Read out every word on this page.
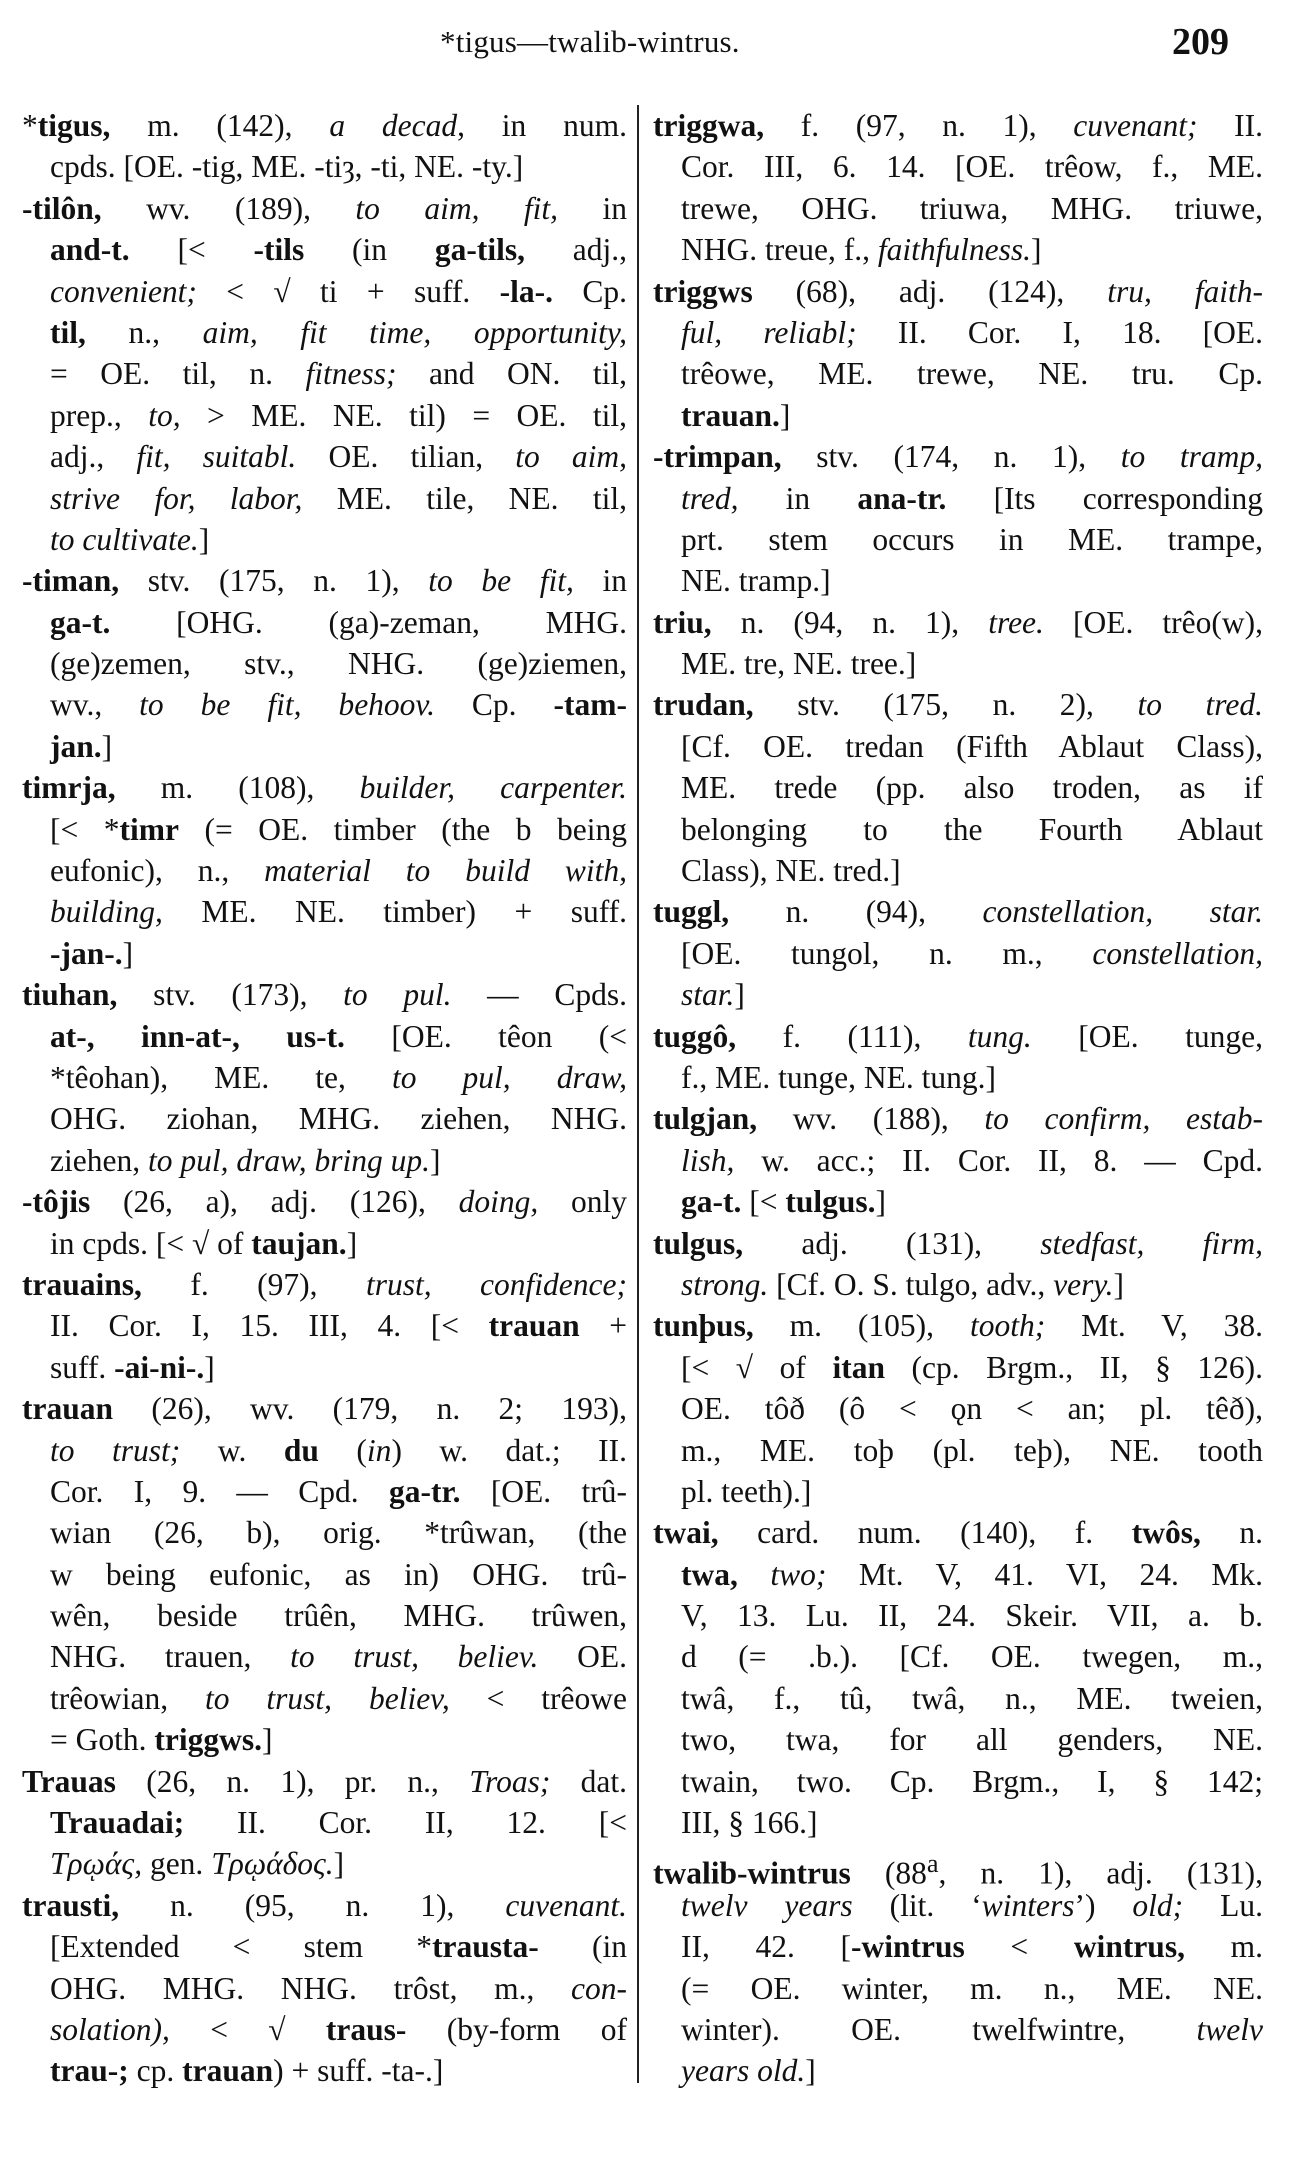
*tigus—twalib-wintrus.	209
*tigus, m. (142), a decad, in num.
cpds. [OE. -tig, ME. -tiȝ, -ti, NE. -ty.]
-tilôn, wv. (189), to aim, fit, in
and-t. [< -tils (in ga-tils, adj.,
convenient; < √ ti + suff. -la-. Cp.
til, n., aim, fit time, opportunity,
= OE. til, n. fitness; and ON. til,
prep., to, > ME. NE. til) = OE. til,
adj., fit, suitabl. OE. tilian, to aim,
strive for, labor, ME. tile, NE. til,
to cultivate.]
-timan, stv. (175, n. 1), to be fit, in
ga-t. [OHG. (ga)-zeman, MHG.
(ge)zemen, stv., NHG. (ge)ziemen,
wv., to be fit, behoov. Cp. -tam-
jan.]
timrja, m. (108), builder, carpenter.
[< *timr (= OE. timber (the b being
eufonic), n., material to build with,
building, ME. NE. timber) + suff.
-jan-.]
tiuhan, stv. (173), to pul. — Cpds.
at-, inn-at-, us-t. [OE. têon (<
*têohan), ME. te, to pul, draw,
OHG. ziohan, MHG. ziehen, NHG.
ziehen, to pul, draw, bring up.]
-tôjis (26, a), adj. (126), doing, only
in cpds. [< √ of taujan.]
trauains, f. (97), trust, confidence;
II. Cor. I, 15. III, 4. [< trauan +
suff. -ai-ni-.]
trauan (26), wv. (179, n. 2; 193),
to trust; w. du (in) w. dat.; II.
Cor. I, 9. — Cpd. ga-tr. [OE. trû-
wian (26, b), orig. *trûwan, (the
w being eufonic, as in) OHG. trû-
wên, beside trûên, MHG. trûwen,
NHG. trauen, to trust, believ. OE.
trêowian, to trust, believ, < trêowe
= Goth. triggws.]
Trauas (26, n. 1), pr. n., Troas; dat.
Trauadai; II. Cor. II, 12. [<
Τρῳάς, gen. Τρῳάδος.]
trausti, n. (95, n. 1), cuvenant.
[Extended < stem *trausta- (in
OHG. MHG. NHG. trôst, m., con-
solation), < √ traus- (by-form of
trau-; cp. trauan) + suff. -ta-.]
triggwa, f. (97, n. 1), cuvenant; II.
Cor. III, 6. 14. [OE. trêow, f., ME.
trewe, OHG. triuwa, MHG. triuwe,
NHG. treue, f., faithfulness.]
triggws (68), adj. (124), tru, faith-
ful, reliabl; II. Cor. I, 18. [OE.
trêowe, ME. trewe, NE. tru. Cp.
trauan.]
-trimpan, stv. (174, n. 1), to tramp,
tred, in ana-tr. [Its corresponding
prt. stem occurs in ME. trampe,
NE. tramp.]
triu, n. (94, n. 1), tree. [OE. trêo(w),
ME. tre, NE. tree.]
trudan, stv. (175, n. 2), to tred.
[Cf. OE. tredan (Fifth Ablaut Class),
ME. trede (pp. also troden, as if
belonging to the Fourth Ablaut
Class), NE. tred.]
tuggl, n. (94), constellation, star.
[OE. tungol, n. m., constellation,
star.]
tuggô, f. (111), tung. [OE. tunge,
f., ME. tunge, NE. tung.]
tulgjan, wv. (188), to confirm, estab-
lish, w. acc.; II. Cor. II, 8. — Cpd.
ga-t. [< tulgus.]
tulgus, adj. (131), stedfast, firm,
strong. [Cf. O. S. tulgo, adv., very.]
tunþus, m. (105), tooth; Mt. V, 38.
[< √ of itan (cp. Brgm., II, § 126).
OE. tôð (ô < ǫn < an; pl. têð),
m., ME. toþ (pl. teþ), NE. tooth
pl. teeth).]
twai, card. num. (140), f. twôs, n.
twa, two; Mt. V, 41. VI, 24. Mk.
V, 13. Lu. II, 24. Skeir. VII, a. b.
d (= .b.). [Cf. OE. twegen, m.,
twâ, f., tû, twâ, n., ME. tweien,
two, twa, for all genders, NE.
twain, two. Cp. Brgm., I, § 142;
III, § 166.]
twalib-wintrus (88$^a$, n. 1), adj. (131),
twelv years (lit. ‘winters’) old; Lu.
II, 42. [-wintrus < wintrus, m.
(= OE. winter, m. n., ME. NE.
winter). OE. twelfwintre, twelv
years old.]
